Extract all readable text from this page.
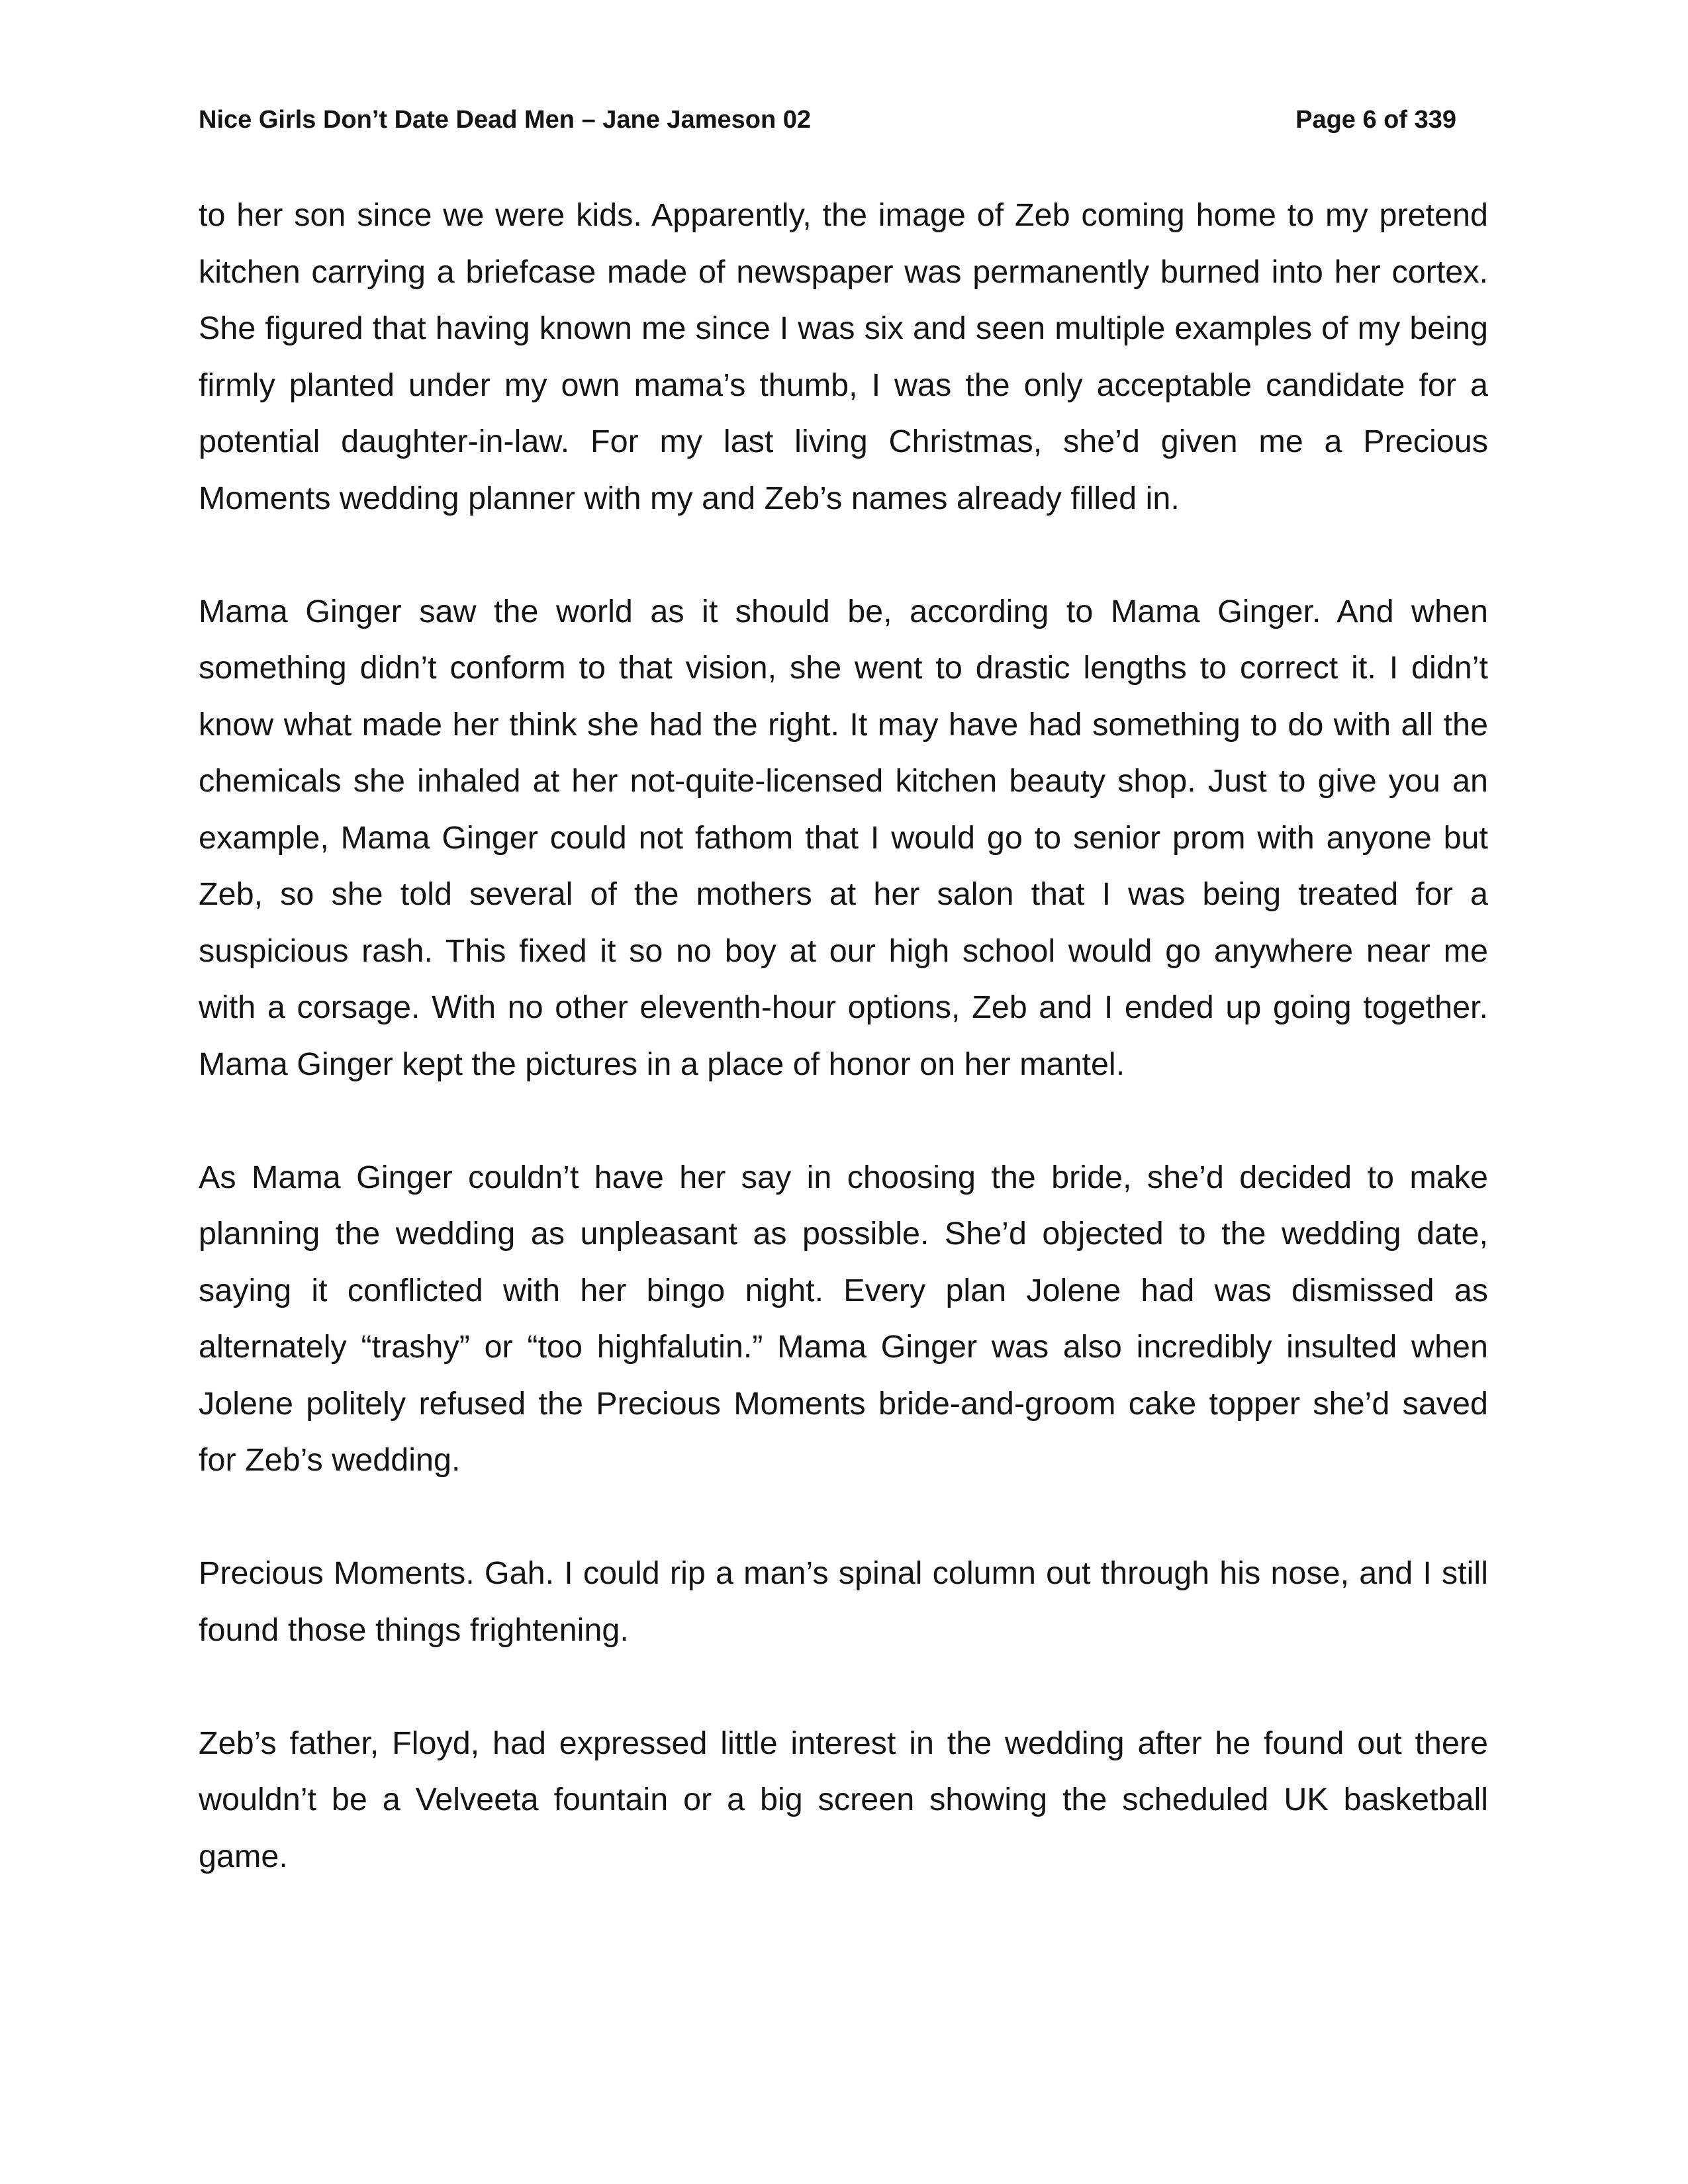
Nice Girls Don’t Date Dead Men – Jane Jameson 02	Page 6 of 339

to her son since we were kids. Apparently, the image of Zeb coming home to my pretend kitchen carrying a briefcase made of newspaper was permanently burned into her cortex. She figured that having known me since I was six and seen multiple examples of my being firmly planted under my own mama’s thumb, I was the only acceptable candidate for a potential daughter-in-law. For my last living Christmas, she’d given me a Precious Moments wedding planner with my and Zeb’s names already filled in.

Mama Ginger saw the world as it should be, according to Mama Ginger. And when something didn’t conform to that vision, she went to drastic lengths to correct it. I didn’t know what made her think she had the right. It may have had something to do with all the chemicals she inhaled at her not-quite-licensed kitchen beauty shop. Just to give you an example, Mama Ginger could not fathom that I would go to senior prom with anyone but Zeb, so she told several of the mothers at her salon that I was being treated for a suspicious rash. This fixed it so no boy at our high school would go anywhere near me with a corsage. With no other eleventh-hour options, Zeb and I ended up going together. Mama Ginger kept the pictures in a place of honor on her mantel.

As Mama Ginger couldn’t have her say in choosing the bride, she’d decided to make planning the wedding as unpleasant as possible. She’d objected to the wedding date, saying it conflicted with her bingo night. Every plan Jolene had was dismissed as alternately “trashy” or “too highfalutin.” Mama Ginger was also incredibly insulted when Jolene politely refused the Precious Moments bride-and-groom cake topper she’d saved for Zeb’s wedding.

Precious Moments. Gah. I could rip a man’s spinal column out through his nose, and I still found those things frightening.

Zeb’s father, Floyd, had expressed little interest in the wedding after he found out there wouldn’t be a Velveeta fountain or a big screen showing the scheduled UK basketball game.
